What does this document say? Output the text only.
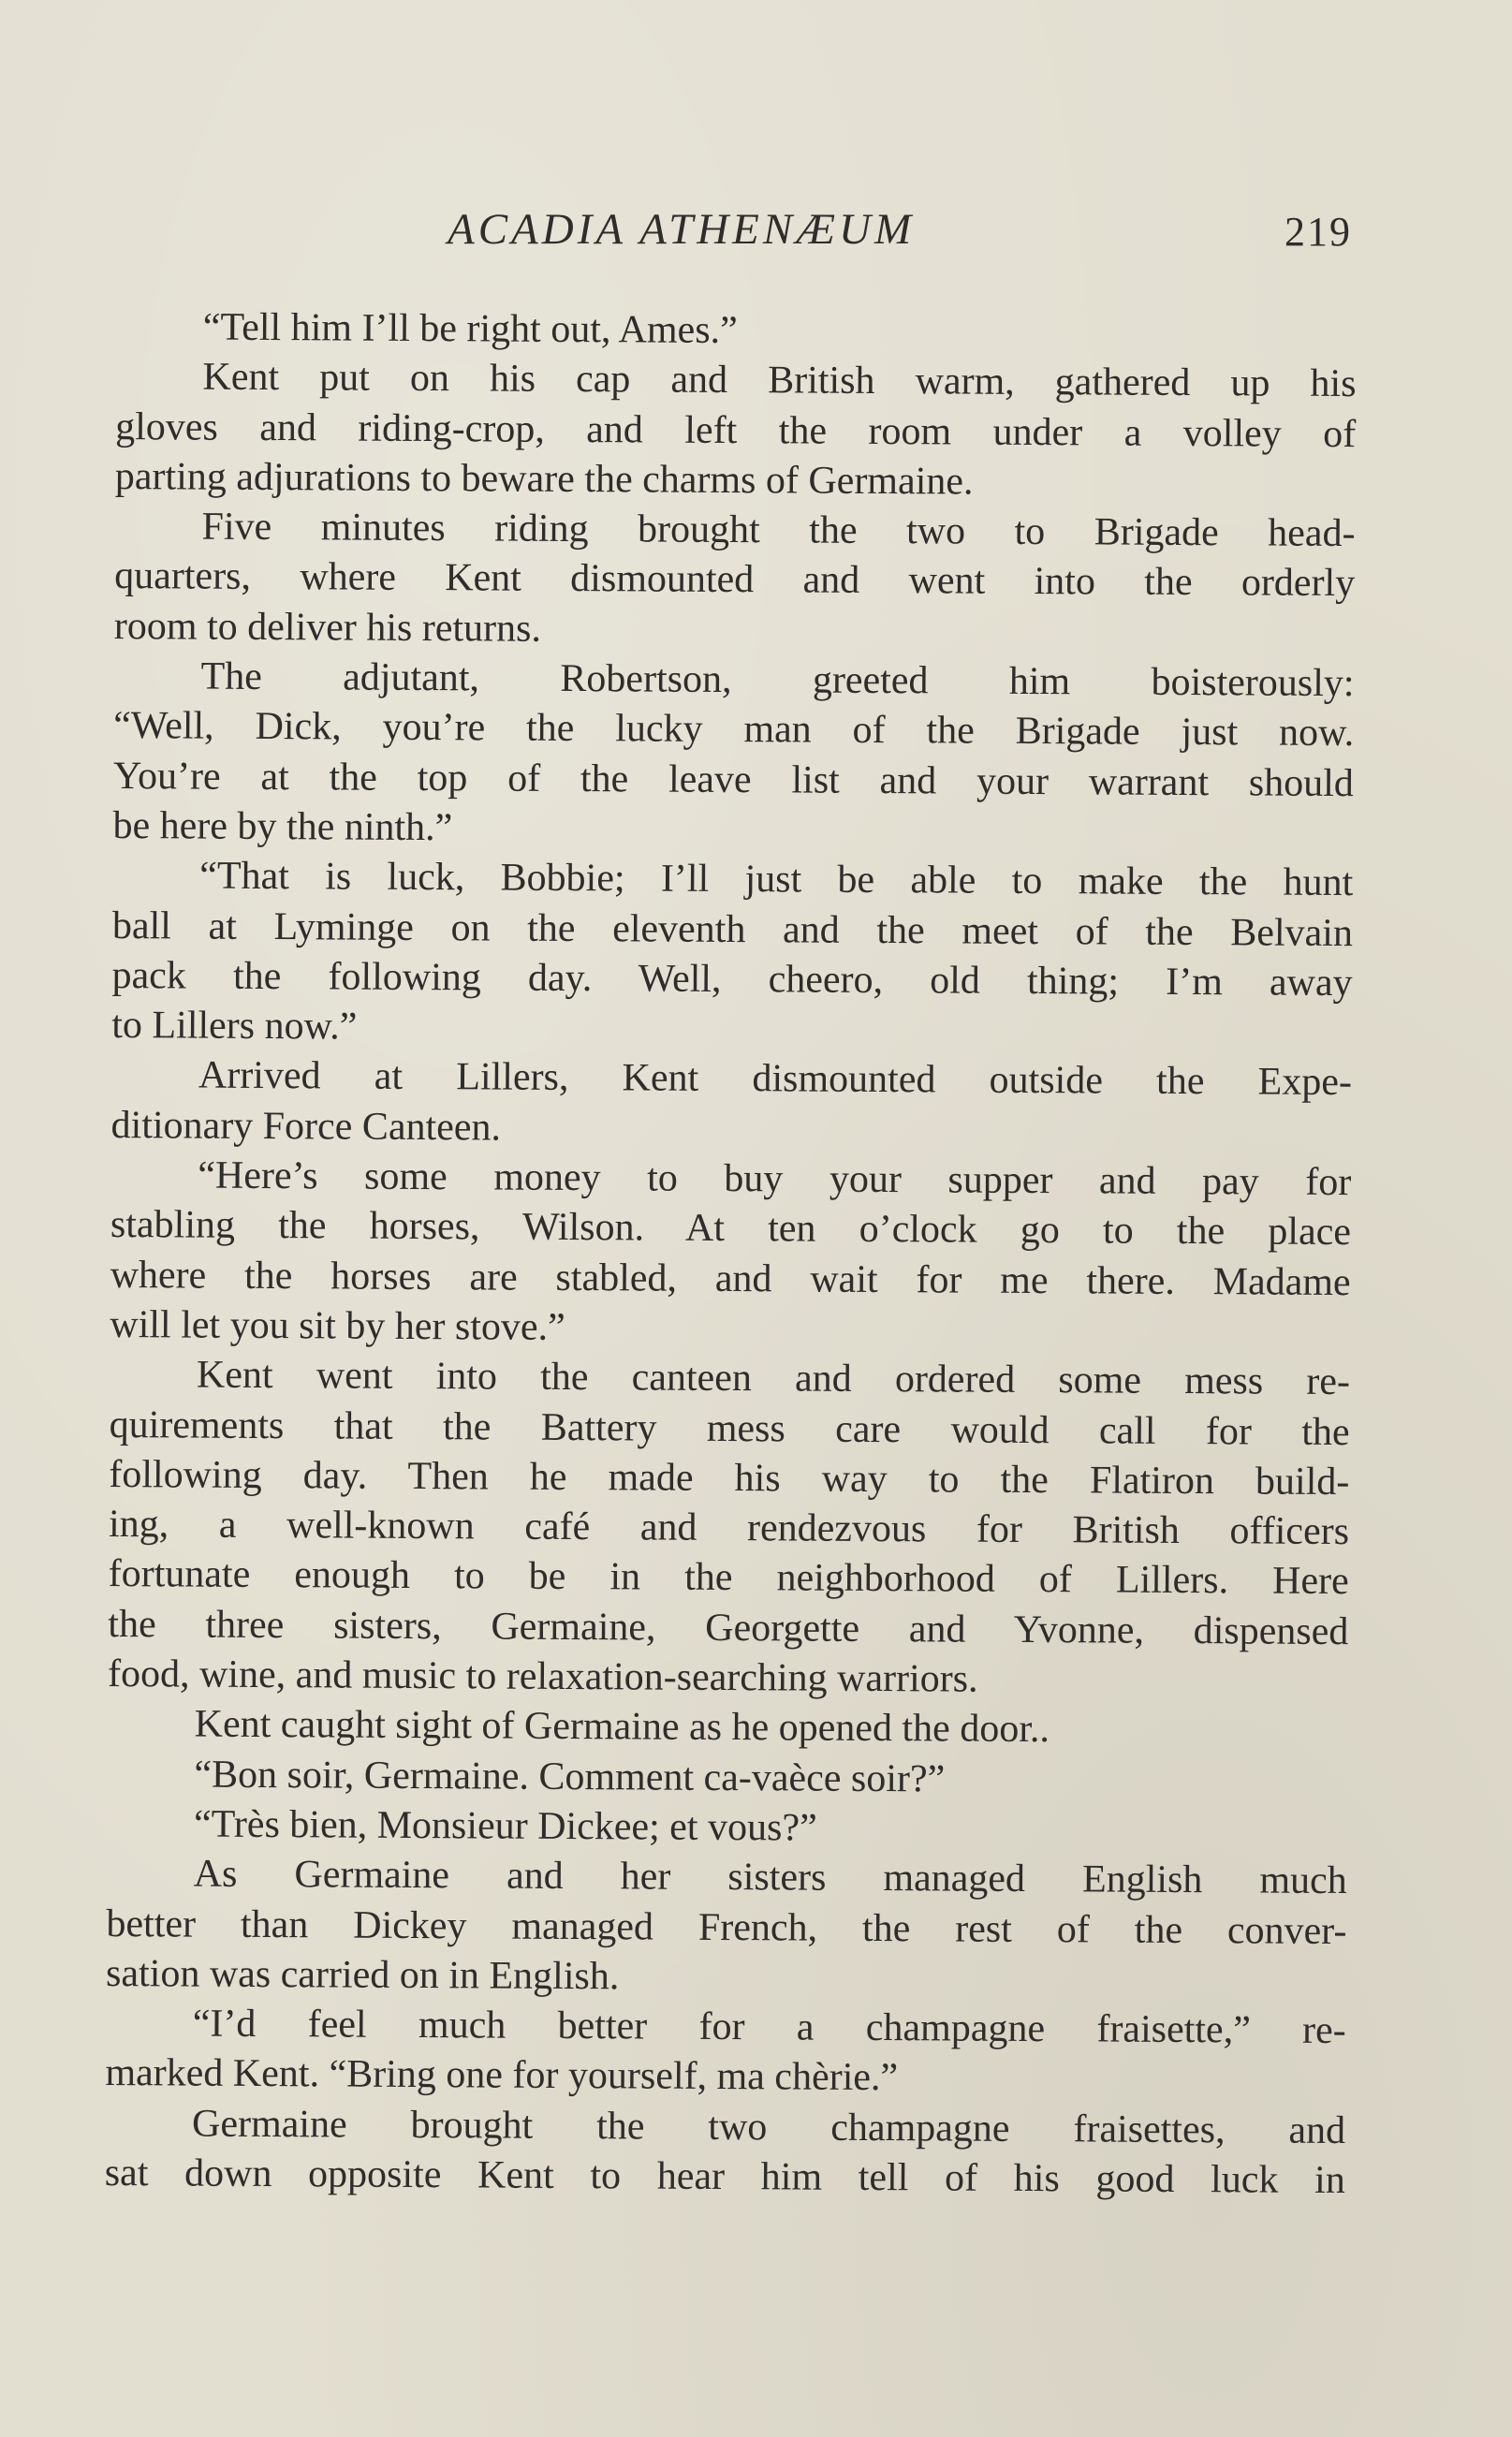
ACADIA ATHENÆUM	219
“Tell him I’ll be right out, Ames.”
Kent put on his cap and British warm, gathered up his
gloves and riding-crop, and left the room under a volley of
parting adjurations to beware the charms of Germaine.
Five minutes riding brought the two to Brigade head-
quarters, where Kent dismounted and went into the orderly
room to deliver his returns.
The adjutant, Robertson, greeted him boisterously:
“Well, Dick, you’re the lucky man of the Brigade just now.
You’re at the top of the leave list and your warrant should
be here by the ninth.”
“That is luck, Bobbie; I’ll just be able to make the hunt
ball at Lyminge on the eleventh and the meet of the Belvain
pack the following day. Well, cheero, old thing; I’m away
to Lillers now.”
Arrived at Lillers, Kent dismounted outside the Expe-
ditionary Force Canteen.
“Here’s some money to buy your supper and pay for
stabling the horses, Wilson. At ten o’clock go to the place
where the horses are stabled, and wait for me there. Madame
will let you sit by her stove.”
Kent went into the canteen and ordered some mess re-
quirements that the Battery mess care would call for the
following day. Then he made his way to the Flatiron build-
ing, a well-known café and rendezvous for British officers
fortunate enough to be in the neighborhood of Lillers. Here
the three sisters, Germaine, Georgette and Yvonne, dispensed
food, wine, and music to relaxation-searching warriors.
Kent caught sight of Germaine as he opened the door..
“Bon soir, Germaine. Comment ca-vaèce soir?”
“Très bien, Monsieur Dickee; et vous?”
As Germaine and her sisters managed English much
better than Dickey managed French, the rest of the conver-
sation was carried on in English.
“I’d feel much better for a champagne fraisette,” re-
marked Kent. “Bring one for yourself, ma chèrie.”
Germaine brought the two champagne fraisettes, and
sat down opposite Kent to hear him tell of his good luck in
